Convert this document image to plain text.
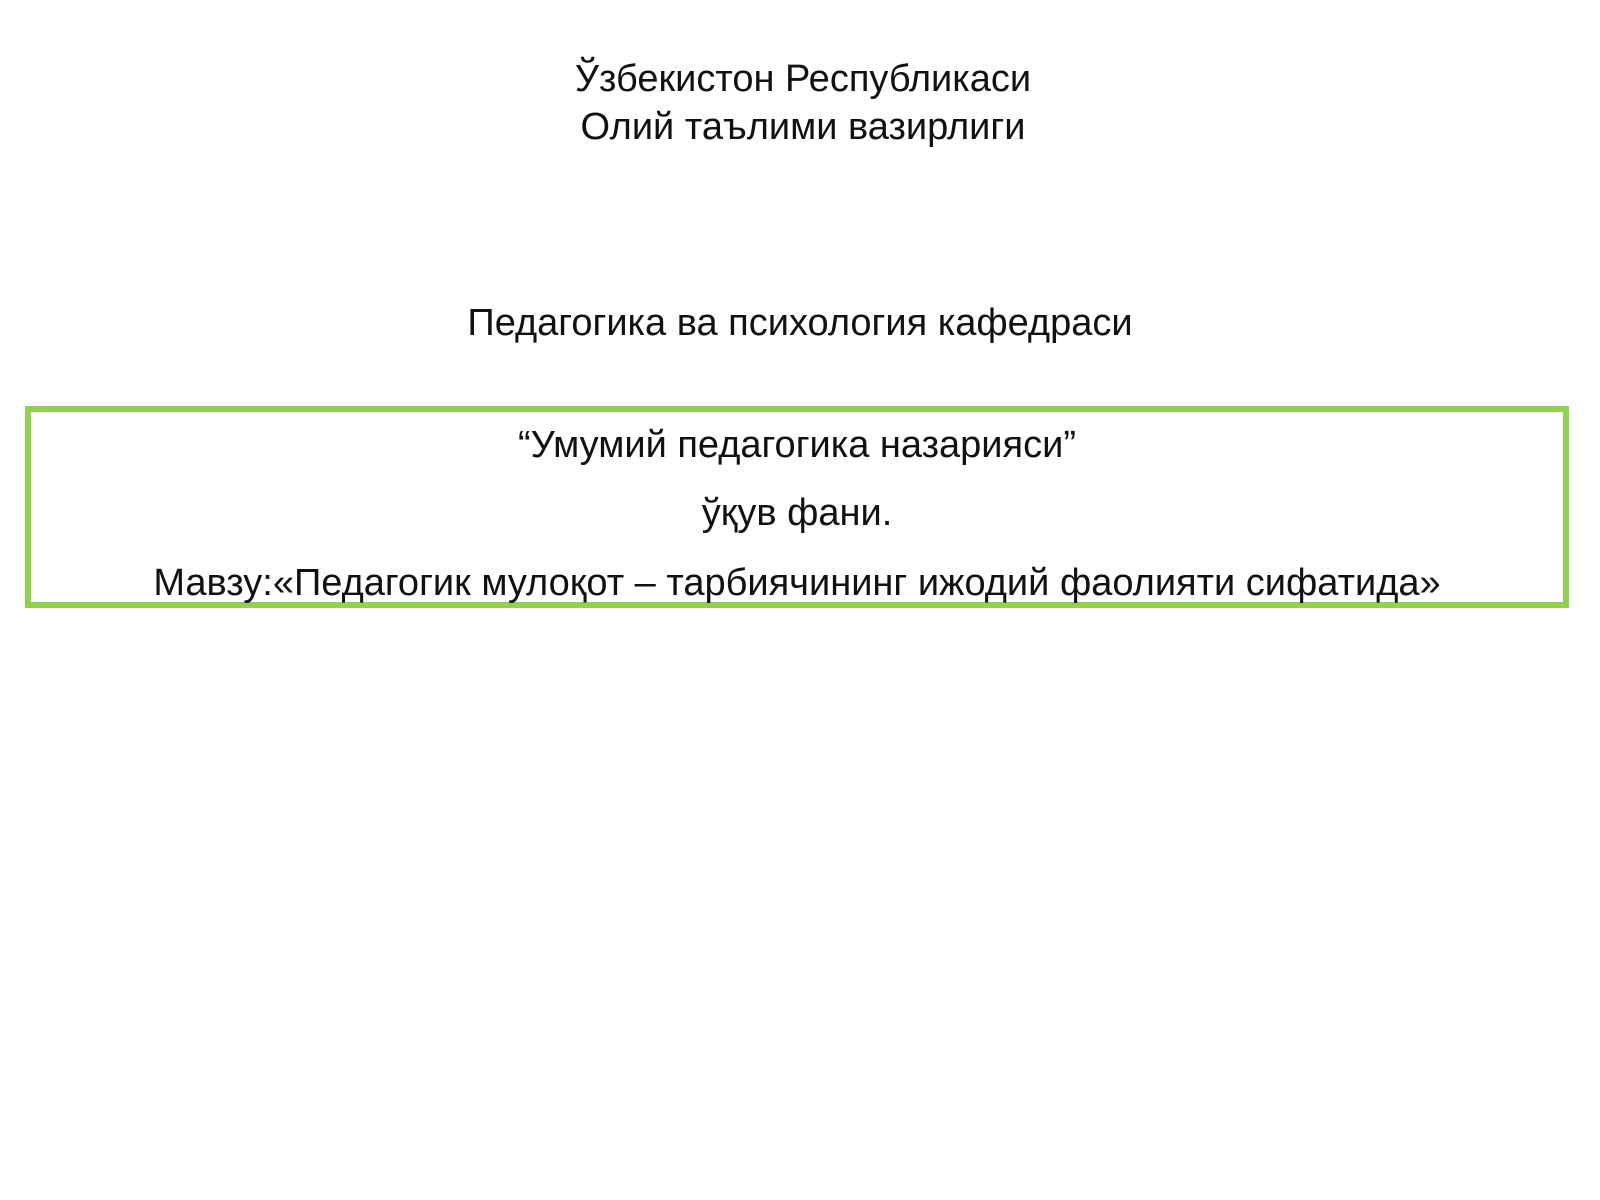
Ўзбекистон Республикаси
Олий таълими вазирлиги
Педагогика ва психология кафедраси
“Умумий педагогика назарияси”
ўқув фани.
Мавзу:«Педагогик мулоқот – тарбиячининг ижодий фаолияти сифатида»
